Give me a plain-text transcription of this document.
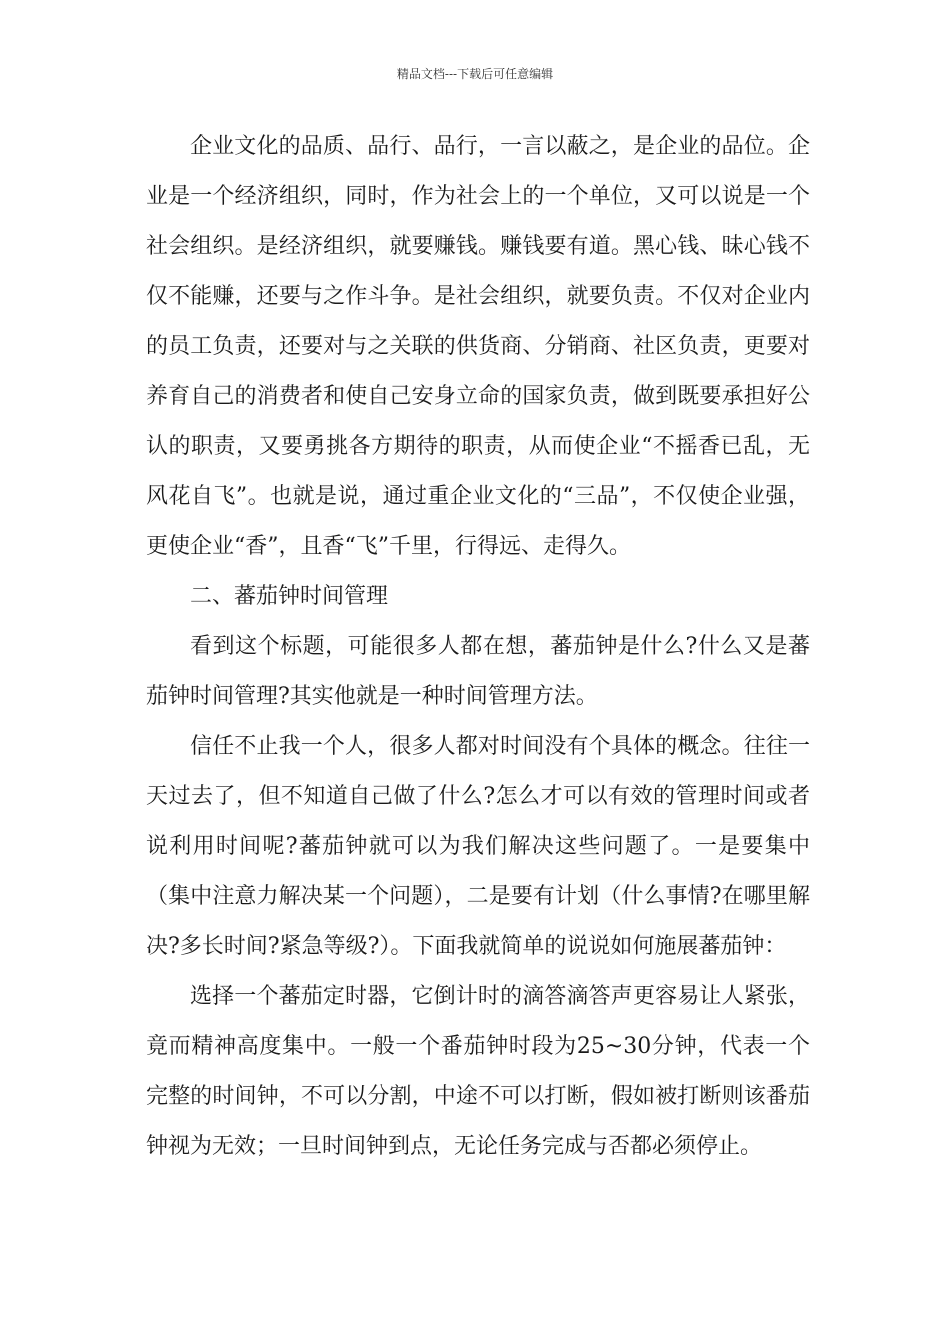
精品文档---下载后可任意编辑

企业文化的品质、品行、品行，一言以蔽之，是企业的品位。企业是一个经济组织，同时，作为社会上的一个单位，又可以说是一个社会组织。是经济组织，就要赚钱。赚钱要有道。黑心钱、昧心钱不仅不能赚，还要与之作斗争。是社会组织，就要负责。不仅对企业内的员工负责，还要对与之关联的供货商、分销商、社区负责，更要对养育自己的消费者和使自己安身立命的国家负责，做到既要承担好公认的职责，又要勇挑各方期待的职责，从而使企业“不摇香已乱，无风花自飞”。也就是说，通过重企业文化的“三品”，不仅使企业强，更使企业“香”，且香“飞”千里，行得远、走得久。

二、蕃茄钟时间管理

看到这个标题，可能很多人都在想，蕃茄钟是什么?什么又是蕃茄钟时间管理?其实他就是一种时间管理方法。

信任不止我一个人，很多人都对时间没有个具体的概念。往往一天过去了，但不知道自己做了什么?怎么才可以有效的管理时间或者说利用时间呢?蕃茄钟就可以为我们解决这些问题了。一是要集中（集中注意力解决某一个问题），二是要有计划（什么事情?在哪里解决?多长时间?紧急等级?）。下面我就简单的说说如何施展蕃茄钟：

选择一个蕃茄定时器，它倒计时的滴答滴答声更容易让人紧张，竟而精神高度集中。一般一个番茄钟时段为25~30分钟，代表一个完整的时间钟，不可以分割，中途不可以打断，假如被打断则该番茄钟视为无效；一旦时间钟到点，无论任务完成与否都必须停止。
